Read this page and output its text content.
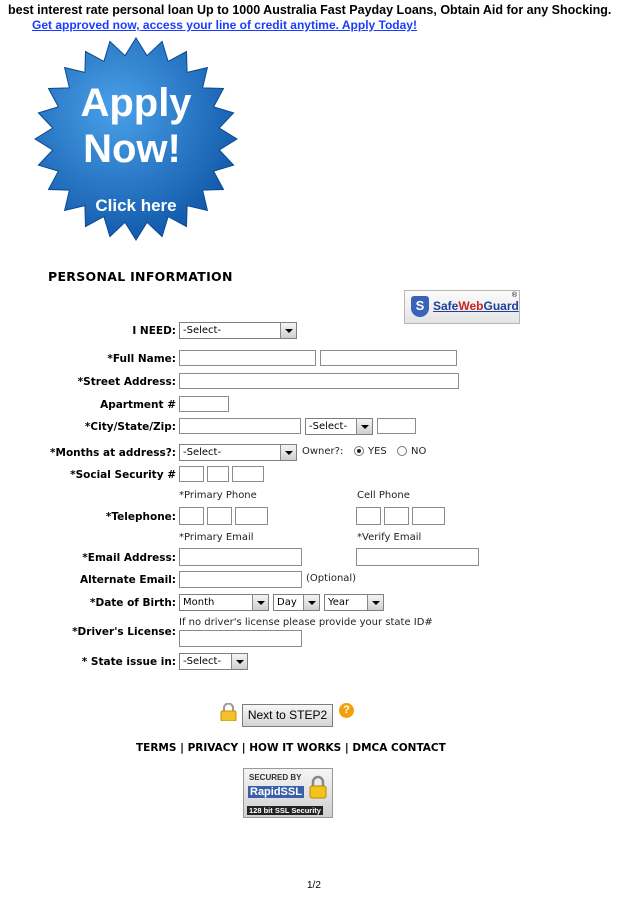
best interest rate personal loan Up to 1000 Australia Fast Payday Loans, Obtain Aid for any Shocking.
Get approved now, access your line of credit anytime. Apply Today!
Apply
Now!
Click here
PERSONAL INFORMATION
S SafeWebGuard
®
I NEED: -Select-
*Full Name:
*Street Address:
Apartment #
*City/State/Zip:	-Select-
*Months at address?: -Select-	Owner?: YES NO
*Social Security #
*Primary Phone	Cell Phone
*Telephone:
*Primary Email	*Verify Email
*Email Address:
Alternate Email:	(Optional)
*Date of Birth: Month	Day	Year
If no driver's license please provide your state ID#
*Driver's License:
* State issue in: -Select-
Next to STEP2	?
TERMS | PRIVACY | HOW IT WORKS | DMCA CONTACT
SECURED BY
RapidSSL
128 bit SSL Security
1/2
